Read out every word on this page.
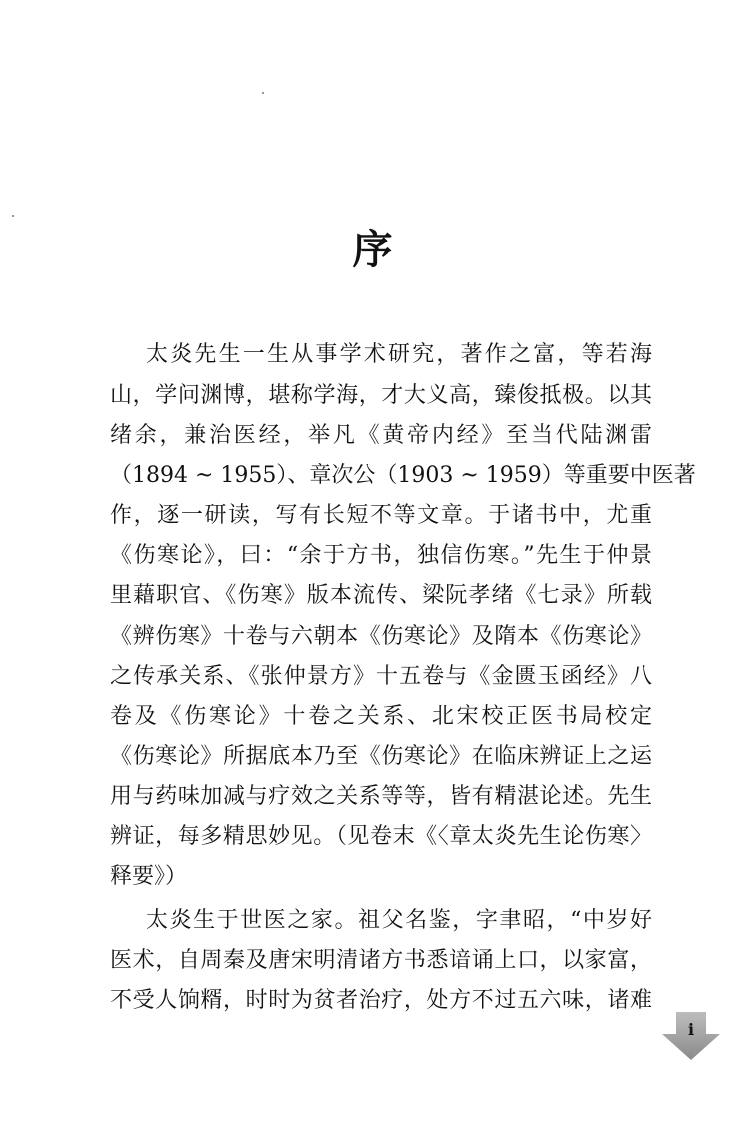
序
太炎先生一生从事学术研究，著作之富，等若海
山，学问渊博，堪称学海，才大义高，臻俊抵极。以其
绪余，兼治医经，举凡《黄帝内经》至当代陆渊雷
（1894 ~ 1955）、章次公（1903 ~ 1959）等重要中医著
作，逐一研读，写有长短不等文章。于诸书中，尤重
《伤寒论》，曰：“余于方书，独信伤寒。”先生于仲景
里藉职官、《伤寒》版本流传、梁阮孝绪《七录》所载
《辨伤寒》十卷与六朝本《伤寒论》及隋本《伤寒论》
之传承关系、《张仲景方》十五卷与《金匮玉函经》八
卷及《伤寒论》十卷之关系、北宋校正医书局校定
《伤寒论》所据底本乃至《伤寒论》在临床辨证上之运
用与药味加减与疗效之关系等等，皆有精湛论述。先生
辨证，每多精思妙见。（见卷末《〈章太炎先生论伤寒〉
释要》）
太炎生于世医之家。祖父名鉴，字聿昭，“中岁好
医术，自周秦及唐宋明清诸方书悉谙诵上口，以家富，
不受人饷糈，时时为贫者治疗，处方不过五六味，诸难
i
